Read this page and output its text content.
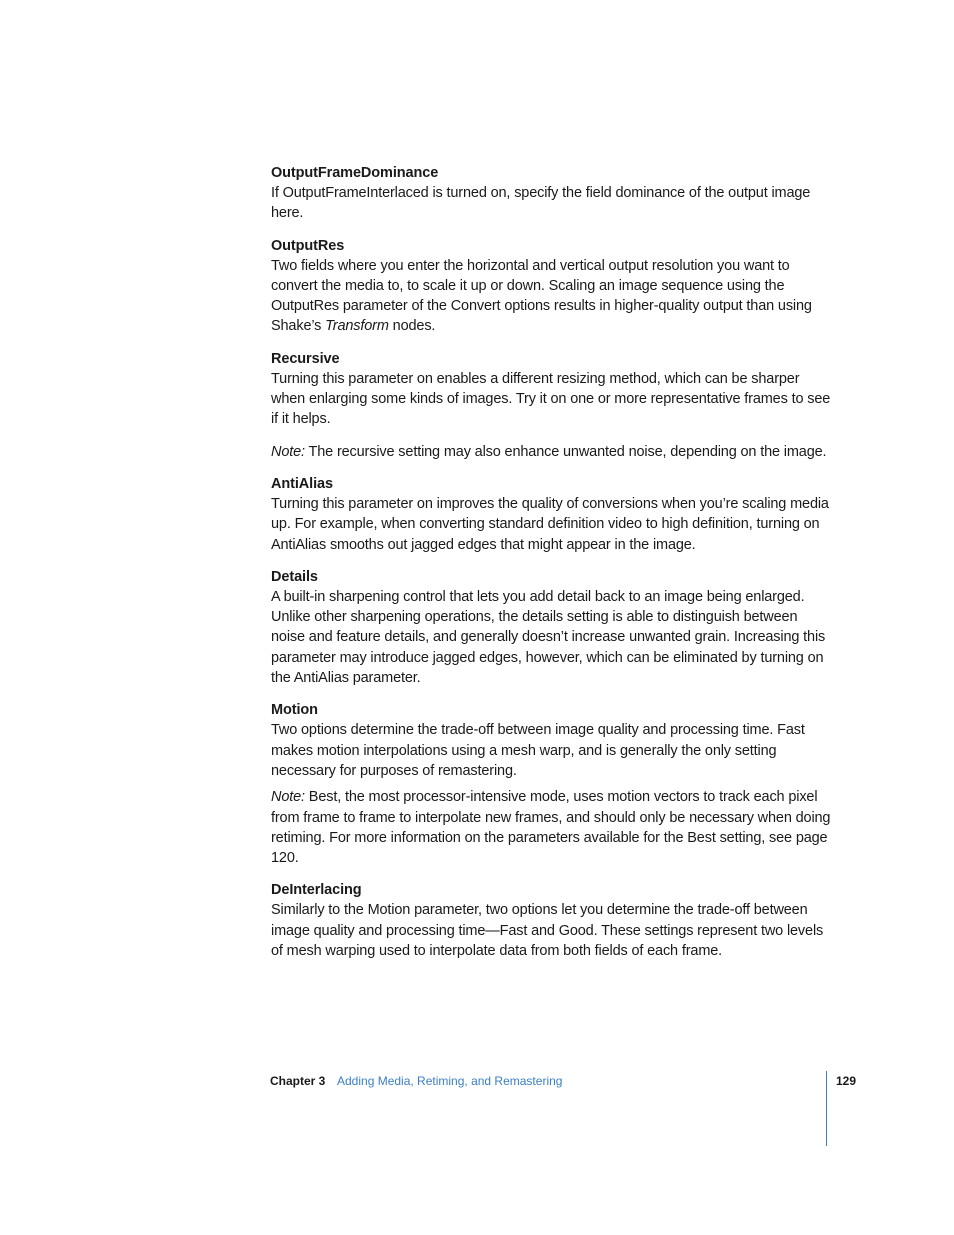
OutputFrameDominance

If OutputFrameInterlaced is turned on, specify the field dominance of the output image here.

OutputRes

Two fields where you enter the horizontal and vertical output resolution you want to convert the media to, to scale it up or down. Scaling an image sequence using the OutputRes parameter of the Convert options results in higher-quality output than using Shake’s Transform nodes.

Recursive

Turning this parameter on enables a different resizing method, which can be sharper when enlarging some kinds of images. Try it on one or more representative frames to see if it helps.

Note: The recursive setting may also enhance unwanted noise, depending on the image.

AntiAlias

Turning this parameter on improves the quality of conversions when you’re scaling media up. For example, when converting standard definition video to high definition, turning on AntiAlias smooths out jagged edges that might appear in the image.

Details

A built-in sharpening control that lets you add detail back to an image being enlarged. Unlike other sharpening operations, the details setting is able to distinguish between noise and feature details, and generally doesn’t increase unwanted grain. Increasing this parameter may introduce jagged edges, however, which can be eliminated by turning on the AntiAlias parameter.

Motion

Two options determine the trade-off between image quality and processing time. Fast makes motion interpolations using a mesh warp, and is generally the only setting necessary for purposes of remastering.

Note: Best, the most processor-intensive mode, uses motion vectors to track each pixel from frame to frame to interpolate new frames, and should only be necessary when doing retiming. For more information on the parameters available for the Best setting, see page 120.

DeInterlacing

Similarly to the Motion parameter, two options let you determine the trade-off between image quality and processing time—Fast and Good. These settings represent two levels of mesh warping used to interpolate data from both fields of each frame.

Chapter 3 Adding Media, Retiming, and Remastering	129
